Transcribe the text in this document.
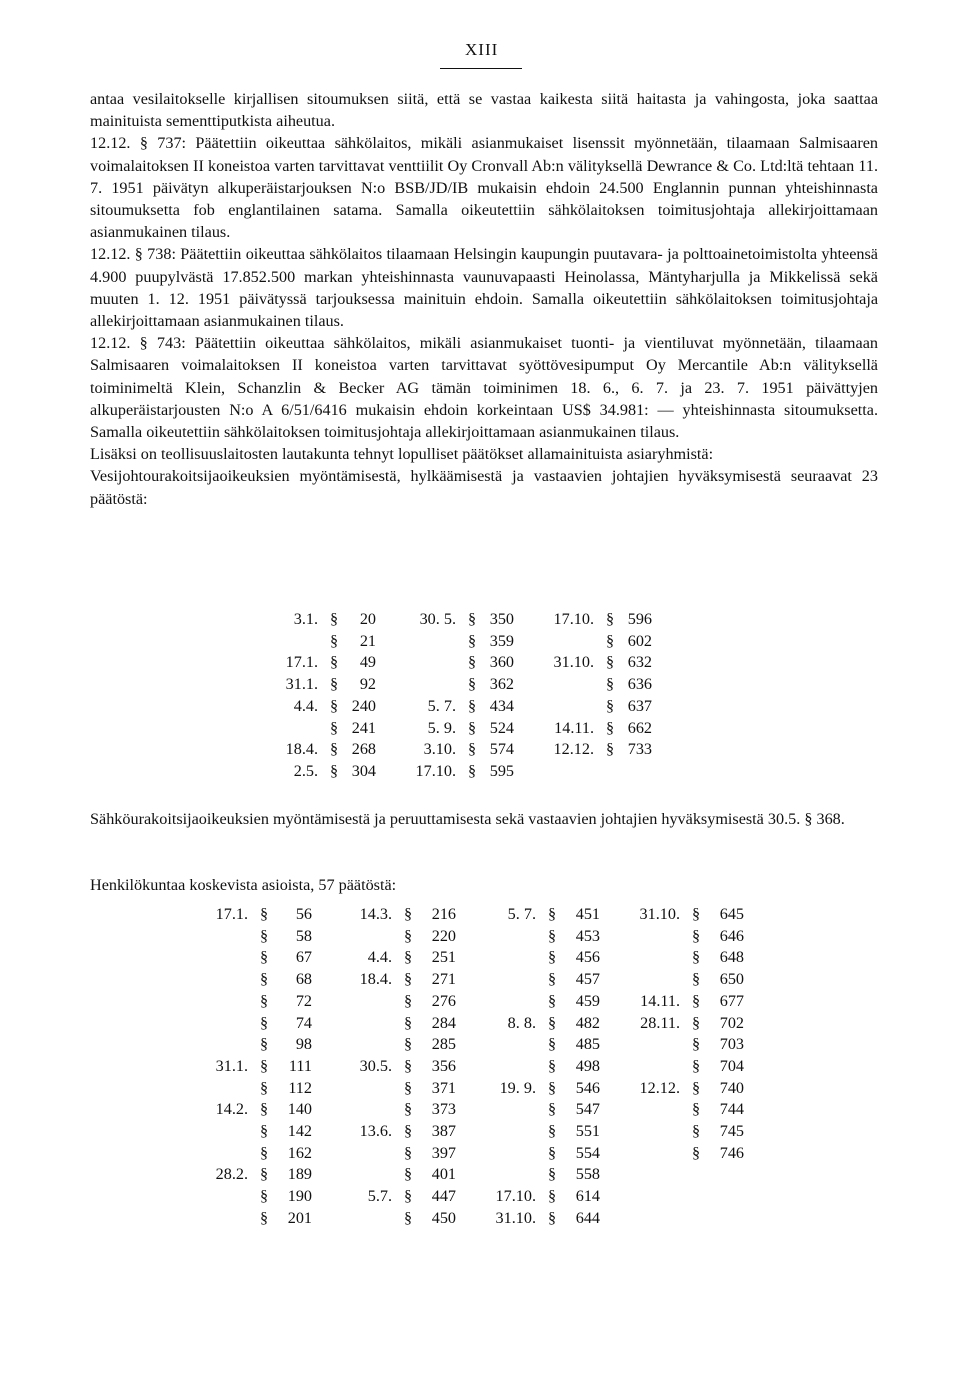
XIII

antaa vesilaitokselle kirjallisen sitoumuksen siitä, että se vastaa kaikesta siitä haitasta ja vahingosta, joka saattaa mainituista sementtiputkista aiheutua.

12.12. § 737: Päätettiin oikeuttaa sähkölaitos, mikäli asianmukaiset lisenssit myönnetään, tilaamaan Salmisaaren voimalaitoksen II koneistoa varten tarvittavat venttiilit Oy Cronvall Ab:n välityksellä Dewrance & Co. Ltd:ltä tehtaan 11. 7. 1951 päivätyn alkuperäistarjouksen N:o BSB/JD/IB mukaisin ehdoin 24.500 Englannin punnan yhteishinnasta sitoumuksetta fob englantilainen satama. Samalla oikeutettiin sähkölaitoksen toimitusjohtaja allekirjoittamaan asianmukainen tilaus.

12.12. § 738: Päätettiin oikeuttaa sähkölaitos tilaamaan Helsingin kaupungin puutavara- ja polttoainetoimistolta yhteensä 4.900 puupylvästä 17.852.500 markan yhteishinnasta vaunuvapaasti Heinolassa, Mäntyharjulla ja Mikkelissä sekä muuten 1. 12. 1951 päivätyssä tarjouksessa mainituin ehdoin. Samalla oikeutettiin sähkölaitoksen toimitusjohtaja allekirjoittamaan asianmukainen tilaus.

12.12. § 743: Päätettiin oikeuttaa sähkölaitos, mikäli asianmukaiset tuonti- ja vientiluvat myönnetään, tilaamaan Salmisaaren voimalaitoksen II koneistoa varten tarvittavat syöttövesipumput Oy Mercantile Ab:n välityksellä toiminimeltä Klein, Schanzlin & Becker AG tämän toiminimen 18. 6., 6. 7. ja 23. 7. 1951 päivättyjen alkuperäistarjousten N:o A 6/51/6416 mukaisin ehdoin korkeintaan US$ 34.981: — yhteishinnasta sitoumuksetta. Samalla oikeutettiin sähkölaitoksen toimitusjohtaja allekirjoittamaan asianmukainen tilaus.

Lisäksi on teollisuuslaitosten lautakunta tehnyt lopulliset päätökset allamainituista asiaryhmistä:

Vesijohtourakoitsijaoikeuksien myöntämisestä, hylkäämisestä ja vastaavien johtajien hyväksymisestä seuraavat 23 päätöstä:

3.1.	§	20	30. 5.	§	350	17.10.	§	596
	§	21		§	359		§	602
17.1.	§	49		§	360	31.10.	§	632
31.1.	§	92		§	362		§	636
4.4.	§	240	5. 7.	§	434		§	637
	§	241	5. 9.	§	524	14.11.	§	662
18.4.	§	268	3.10.	§	574	12.12.	§	733
2.5.	§	304	17.10.	§	595			
Sähköurakoitsijaoikeuksien myöntämisestä ja peruuttamisesta sekä vastaavien johtajien hyväksymisestä 30.5. § 368.
Henkilökuntaa koskevista asioista, 57 päätöstä:
17.1.	§	56	14.3.	§	216	5. 7.	§	451	31.10.	§	645
	§	58		§	220		§	453		§	646
	§	67	4.4.	§	251		§	456		§	648
	§	68	18.4.	§	271		§	457		§	650
	§	72		§	276		§	459	14.11.	§	677
	§	74		§	284	8. 8.	§	482	28.11.	§	702
	§	98		§	285		§	485		§	703
31.1.	§	111	30.5.	§	356		§	498		§	704
	§	112		§	371	19. 9.	§	546	12.12.	§	740
14.2.	§	140		§	373		§	547		§	744
	§	142	13.6.	§	387		§	551		§	745
	§	162		§	397		§	554		§	746
28.2.	§	189		§	401		§	558			
	§	190	5.7.	§	447	17.10.	§	614			
	§	201		§	450	31.10.	§	644			
